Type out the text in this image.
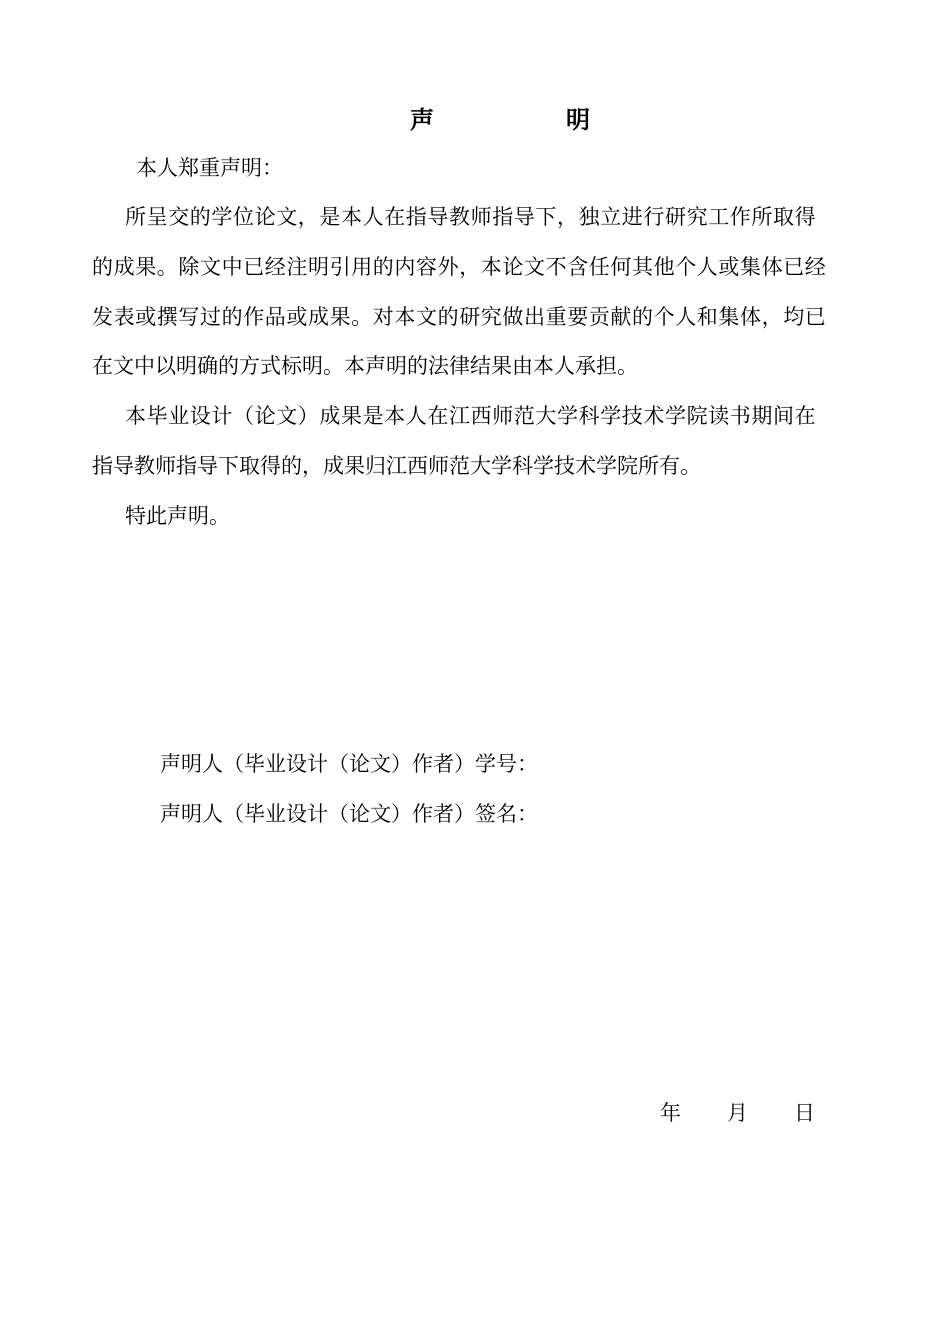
声　明
本人郑重声明：
所呈交的学位论文，是本人在指导教师指导下，独立进行研究工作所取得
的成果。除文中已经注明引用的内容外，本论文不含任何其他个人或集体已经
发表或撰写过的作品或成果。对本文的研究做出重要贡献的个人和集体，均已
在文中以明确的方式标明。本声明的法律结果由本人承担。
本毕业设计（论文）成果是本人在江西师范大学科学技术学院读书期间在
指导教师指导下取得的，成果归江西师范大学科学技术学院所有。
特此声明。
声明人（毕业设计（论文）作者）学号：
声明人（毕业设计（论文）作者）签名：
年 月 日
